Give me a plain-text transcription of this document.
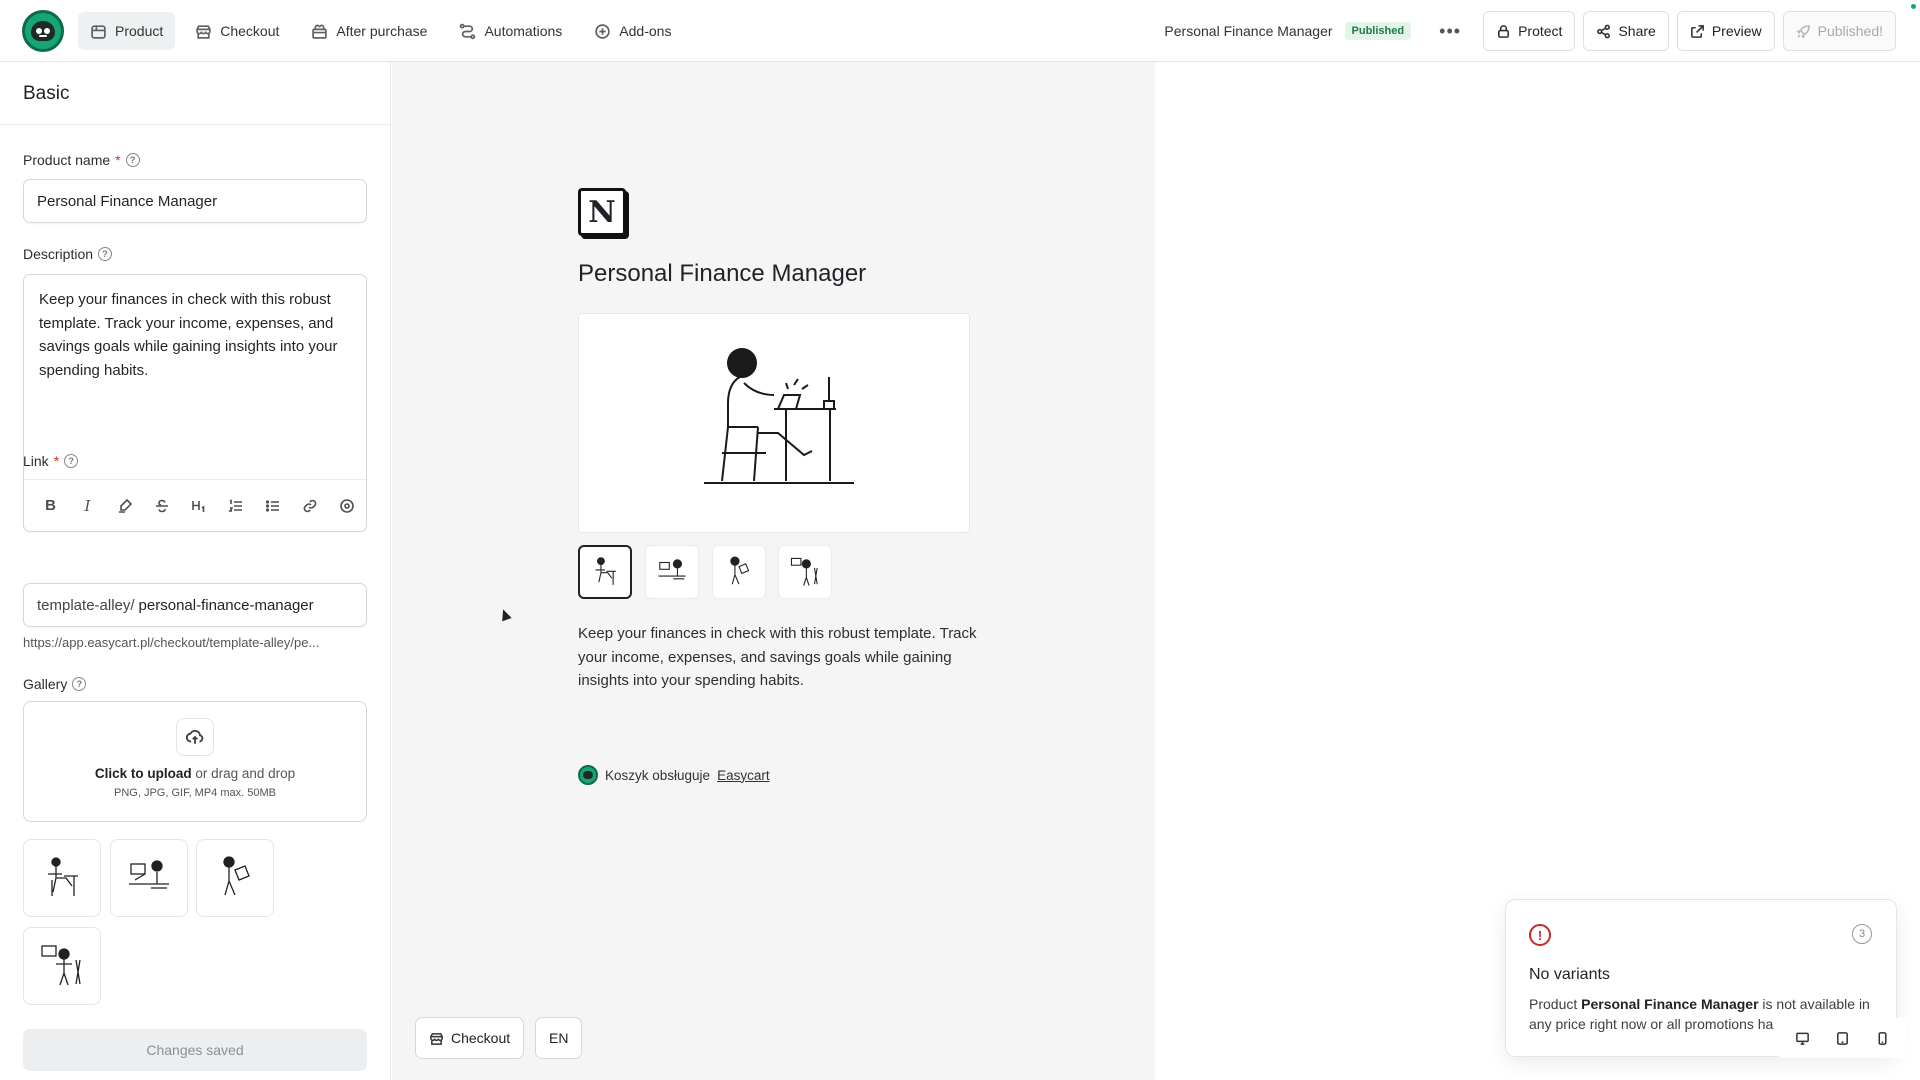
Product	Checkout	After purchase	Automations	Add-ons	Personal Finance Manager	Published	•••	Protect	Share	Preview	Published!
Basic
Product name *	?
Personal Finance Manager
Description	?
Keep your finances in check with this robust template. Track your income, expenses, and savings goals while gaining insights into your spending habits.
B I
Link *	?
template-alley/ personal-finance-manager
https://app.easycart.pl/checkout/template-alley/pe...
Gallery	?
Click to upload or drag and drop
PNG, JPG, GIF, MP4 max. 50MB
Changes saved
N
Personal Finance Manager
Keep your finances in check with this robust template. Track your income, expenses, and savings goals while gaining insights into your spending habits.
Koszyk obsługuje Easycart
Checkout	EN
!	3
No variants
Product Personal Finance Manager is not available in any price right now or all promotions ha
